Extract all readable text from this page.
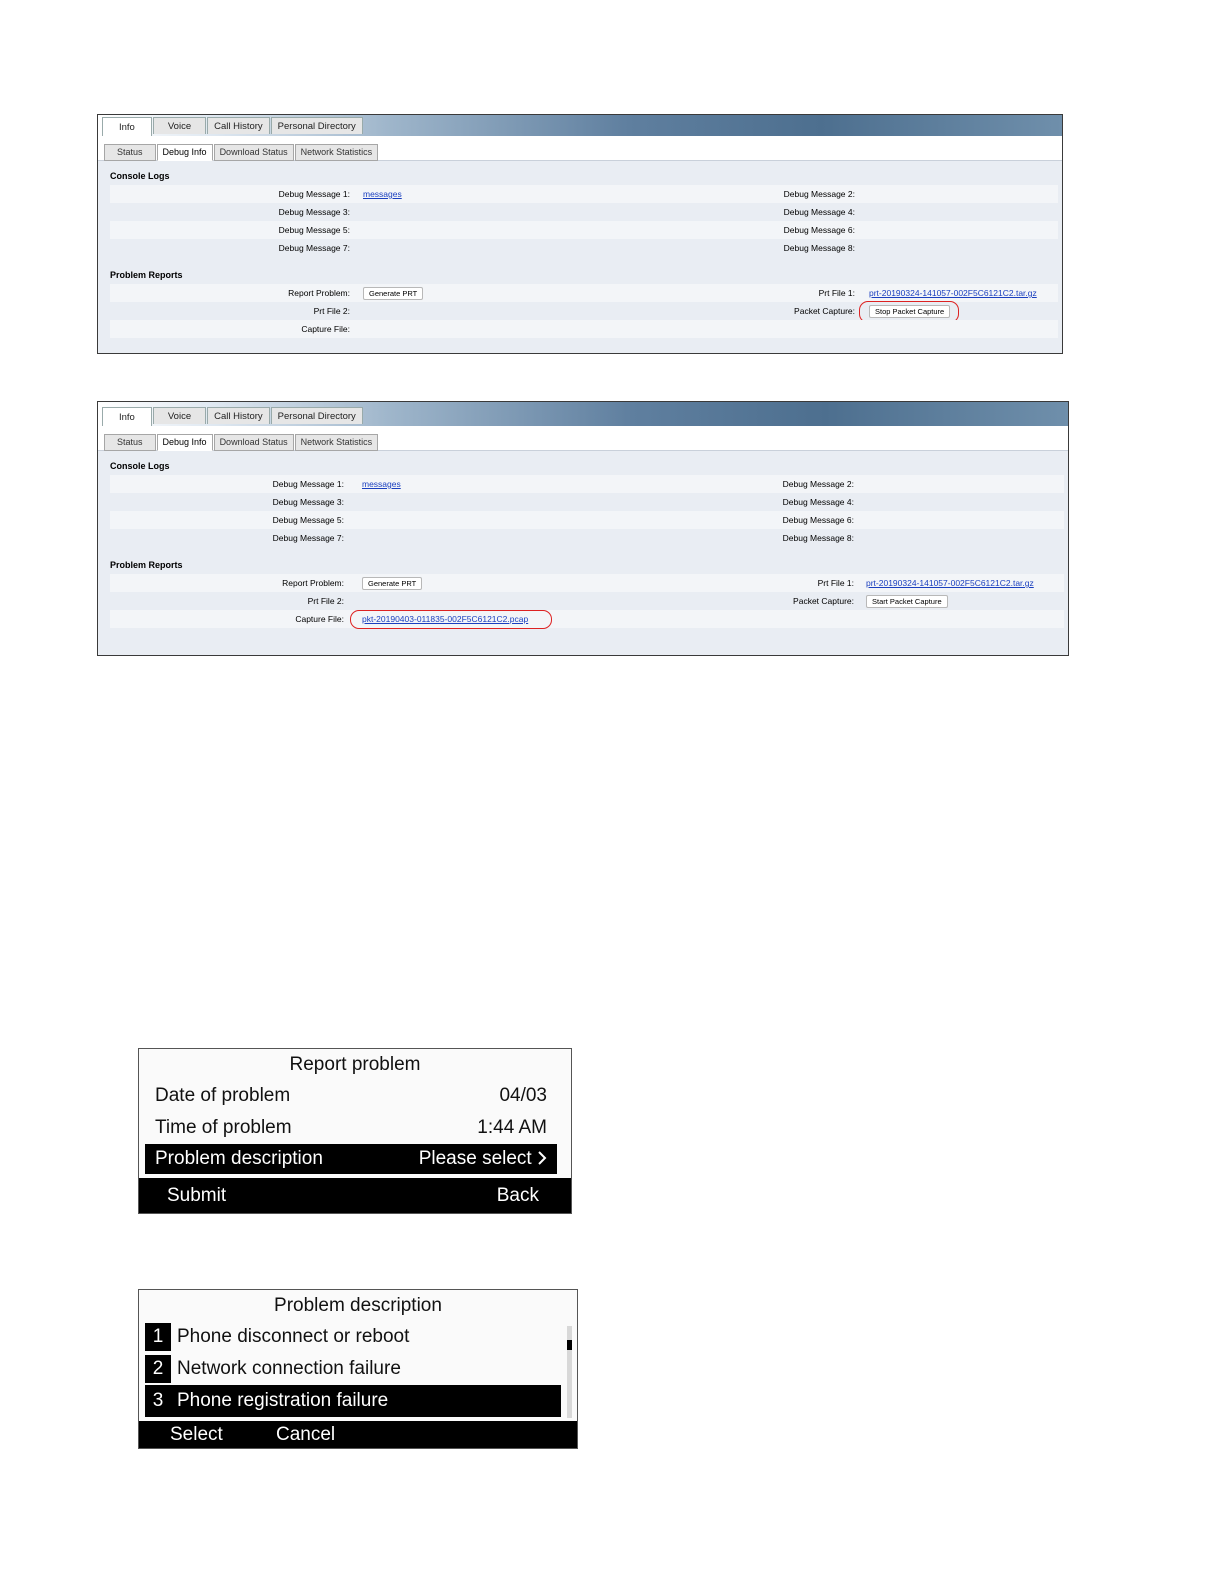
Info	Voice	Call History	Personal Directory
Status	Debug Info	Download Status	Network Statistics
Console Logs
Debug Message 1: messages	Debug Message 2:
Debug Message 3:	Debug Message 4:
Debug Message 5:	Debug Message 6:
Debug Message 7:	Debug Message 8:
Problem Reports
Report Problem:	Generate PRT	Prt File 1: prt-20190324-141057-002F5C6121C2.tar.gz
Prt File 2:	Packet Capture:	Stop Packet Capture
Capture File:
Info	Voice	Call History	Personal Directory
Status	Debug Info	Download Status	Network Statistics
Console Logs
Debug Message 1: messages	Debug Message 2:
Debug Message 3:	Debug Message 4:
Debug Message 5:	Debug Message 6:
Debug Message 7:	Debug Message 8:
Problem Reports
Report Problem:	Generate PRT	Prt File 1: prt-20190324-141057-002F5C6121C2.tar.gz
Prt File 2:	Packet Capture:	Start Packet Capture
Capture File: pkt-20190403-011835-002F5C6121C2.pcap
Report problem
Date of problem	04/03
Time of problem	1:44 AM
Problem description	Please select
Submit	Back
Problem description
1 Phone disconnect or reboot
2 Network connection failure
3 Phone registration failure
Select	Cancel
